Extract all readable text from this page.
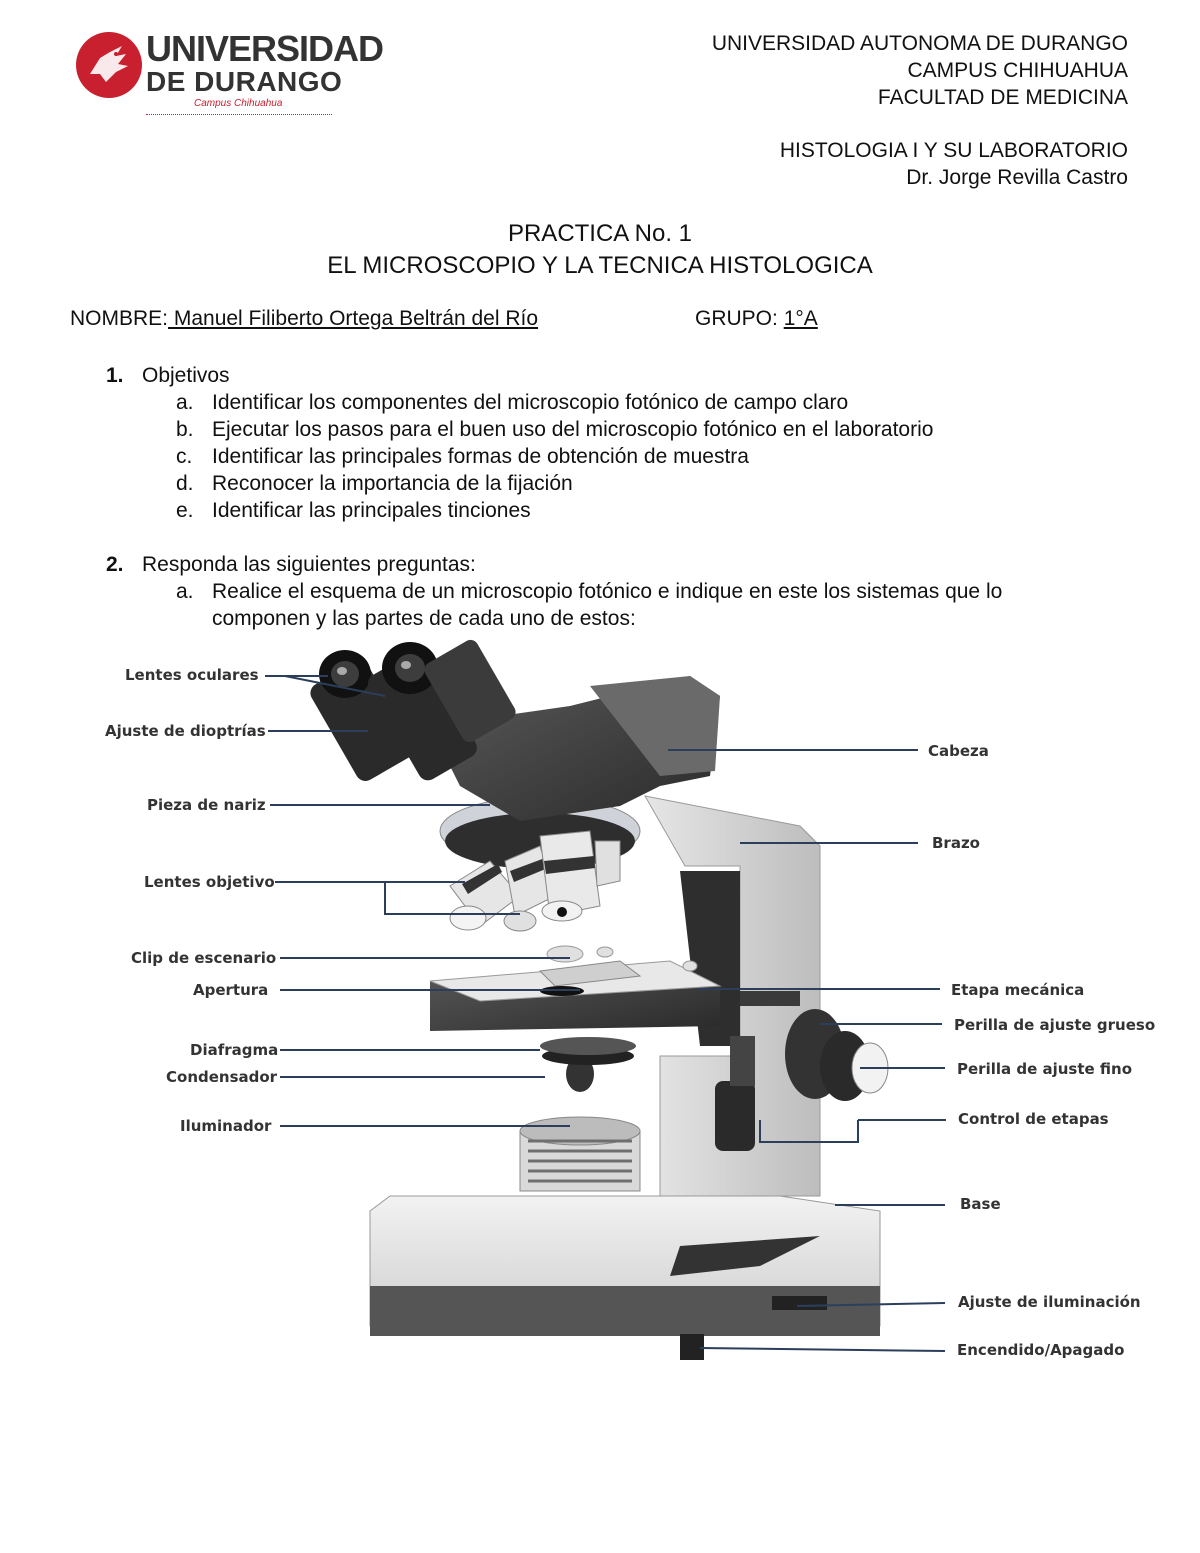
UNIVERSIDAD
DE DURANGO
Campus Chihuahua
UNIVERSIDAD AUTONOMA DE DURANGO
CAMPUS CHIHUAHUA
FACULTAD DE MEDICINA
HISTOLOGIA I Y SU LABORATORIO
Dr. Jorge Revilla Castro
PRACTICA No. 1
EL MICROSCOPIO Y LA TECNICA HISTOLOGICA
NOMBRE: Manuel Filiberto Ortega Beltrán del Río	GRUPO: 1°A
1. Objetivos
a. Identificar los componentes del microscopio fotónico de campo claro
b. Ejecutar los pasos para el buen uso del microscopio fotónico en el laboratorio
c. Identificar las principales formas de obtención de muestra
d. Reconocer la importancia de la fijación
e. Identificar las principales tinciones
2. Responda las siguientes preguntas:
a. Realice el esquema de un microscopio fotónico e indique en este los sistemas que lo componen y las partes de cada uno de estos:
Lentes oculares
Ajuste de dioptrías
Pieza de nariz
Lentes objetivo
Clip de escenario
Apertura
Diafragma
Condensador
Iluminador
Cabeza
Brazo
Etapa mecánica
Perilla de ajuste grueso
Perilla de ajuste fino
Control de etapas
Base
Ajuste de iluminación
Encendido/Apagado
